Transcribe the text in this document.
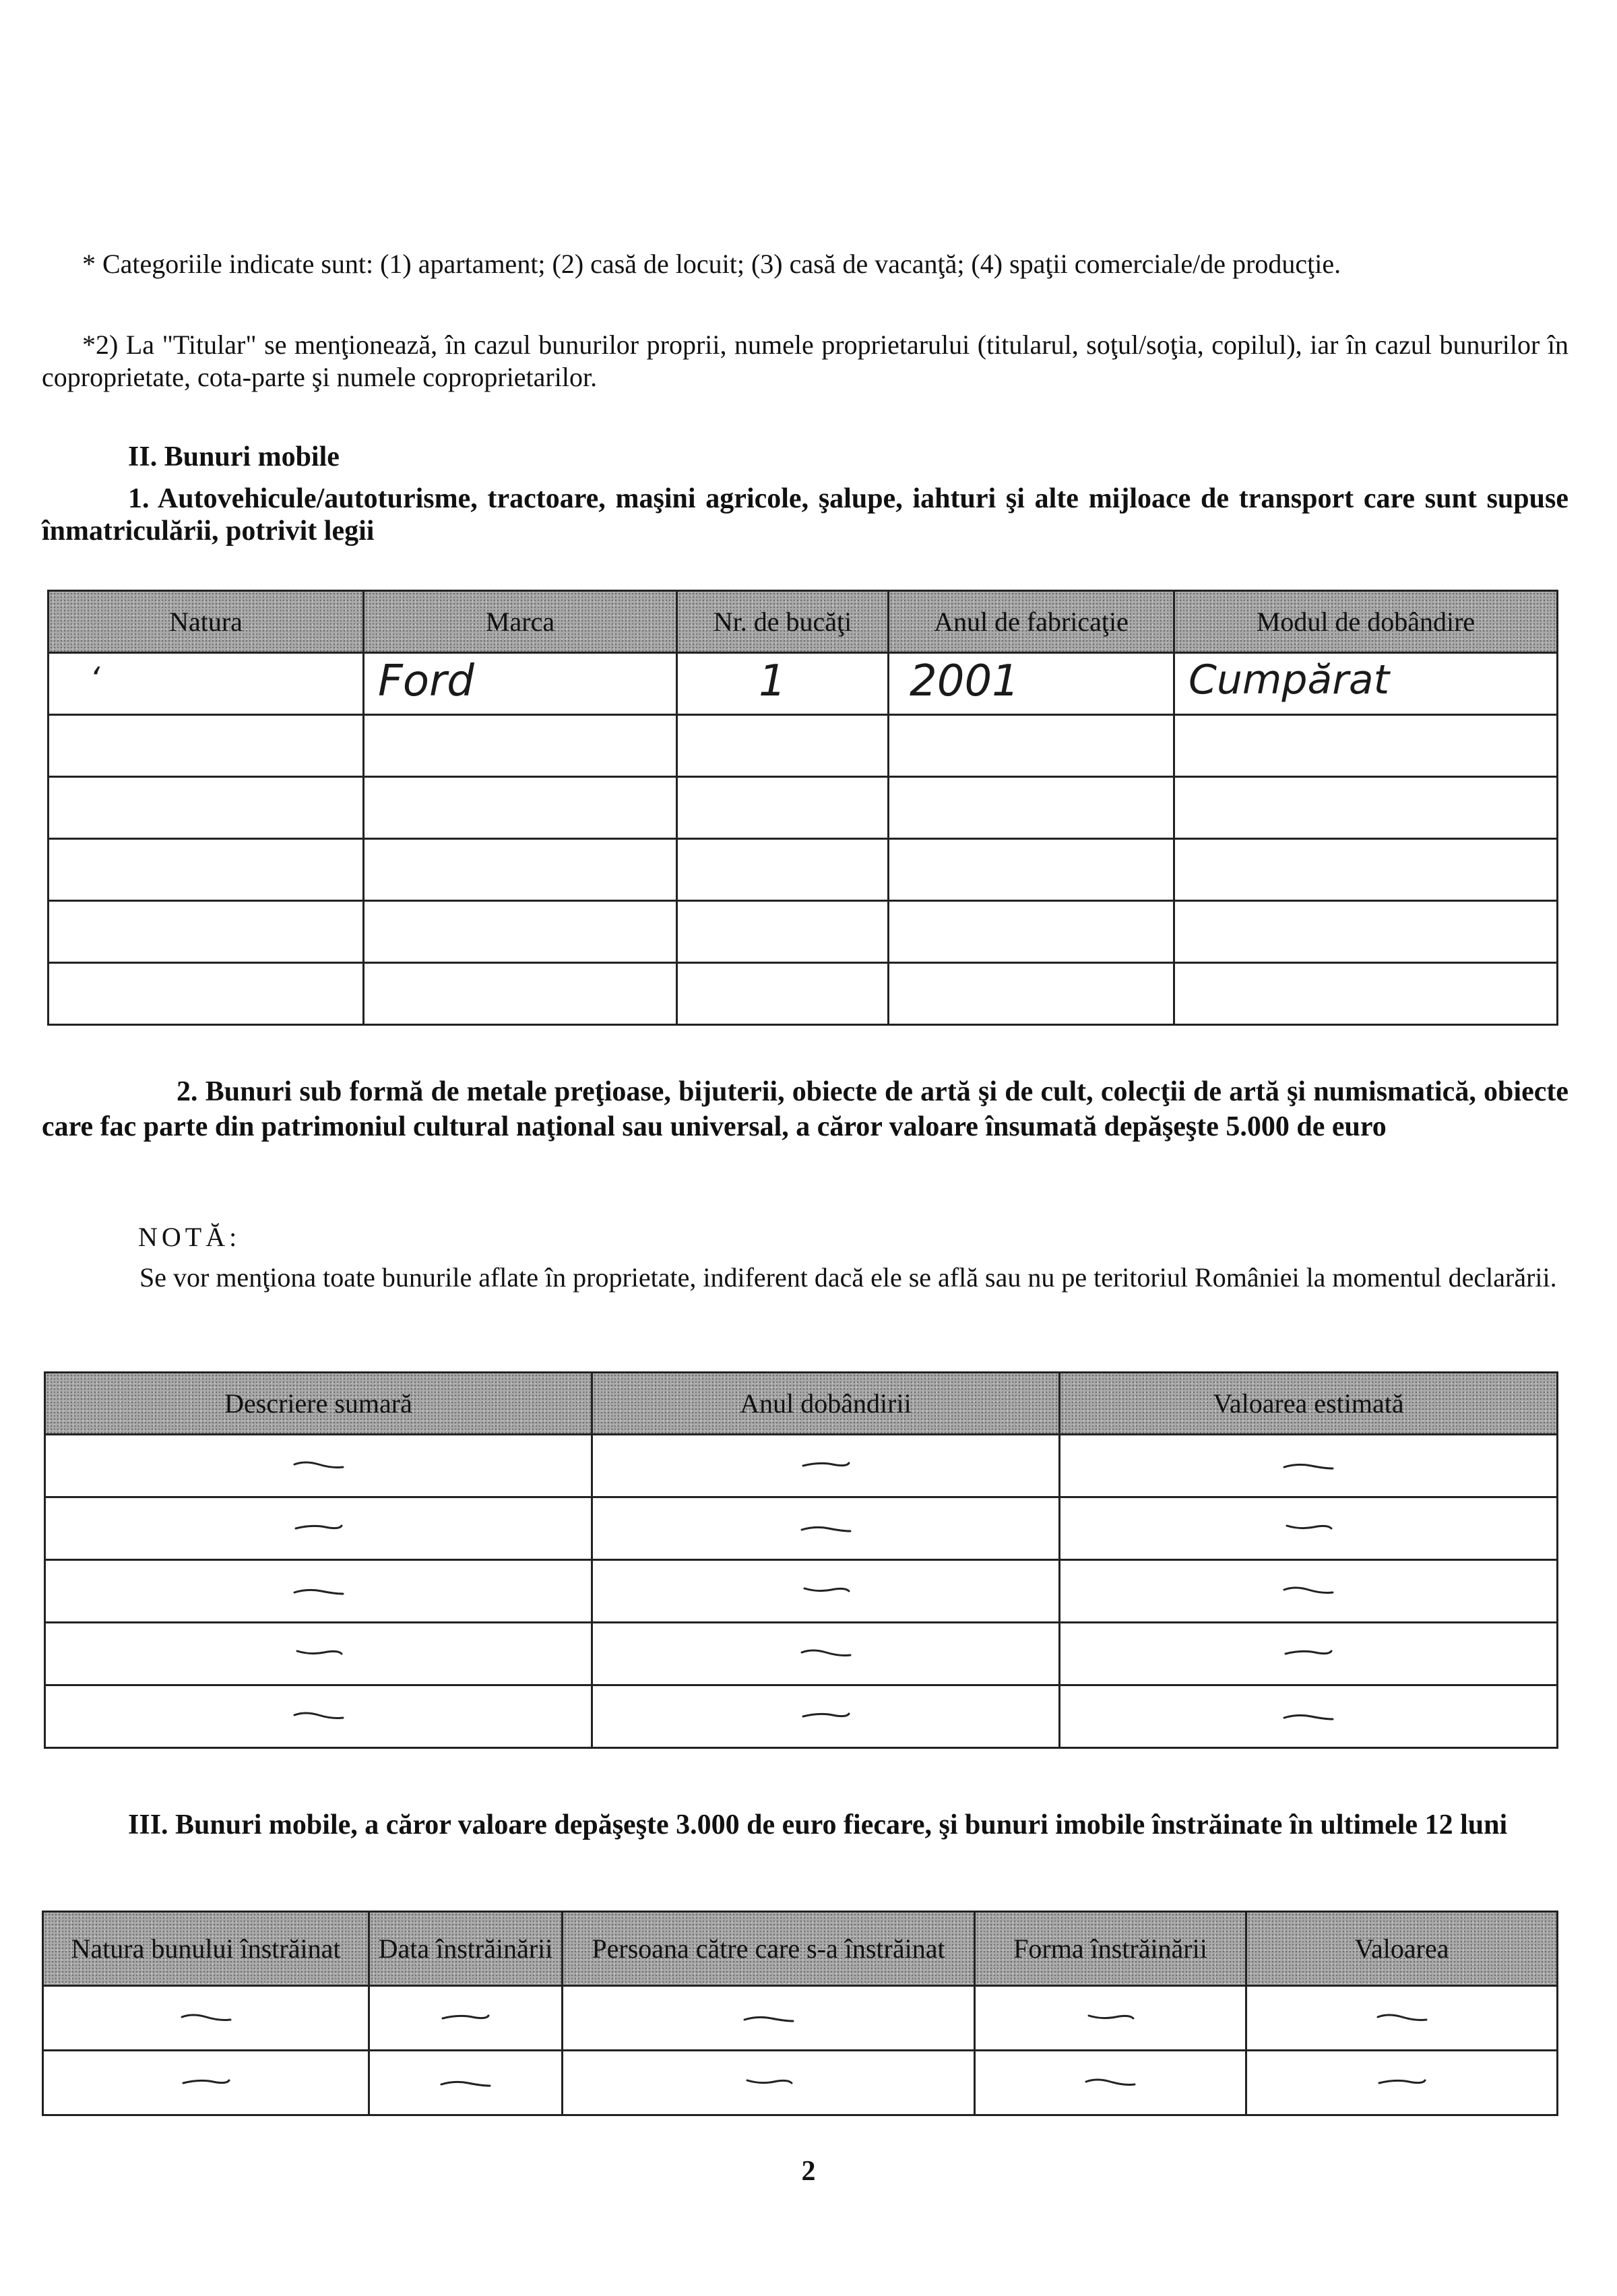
* Categoriile indicate sunt: (1) apartament; (2) casă de locuit; (3) casă de vacanţă; (4) spaţii comerciale/de producţie.
*2) La "Titular" se menţionează, în cazul bunurilor proprii, numele proprietarului (titularul, soţul/soţia, copilul), iar în cazul bunurilor în coproprietate, cota-parte şi numele coproprietarilor.
II. Bunuri mobile
1. Autovehicule/autoturisme, tractoare, maşini agricole, şalupe, iahturi şi alte mijloace de transport care sunt supuse înmatriculării, potrivit legii
Natura	Marca	Nr. de bucăţi	Anul de fabricaţie	Modul de dobândire

ʻ	Ford	1	2001	Cumpărat

2. Bunuri sub formă de metale preţioase, bijuterii, obiecte de artă şi de cult, colecţii de artă şi numismatică, obiecte care fac parte din patrimoniul cultural naţional sau universal, a căror valoare însumată depăşeşte 5.000 de euro
NOTĂ:
Se vor menţiona toate bunurile aflate în proprietate, indiferent dacă ele se află sau nu pe teritoriul României la momentul declarării.
Descriere sumară	Anul dobândirii	Valoarea estimată

III. Bunuri mobile, a căror valoare depăşeşte 3.000 de euro fiecare, şi bunuri imobile înstrăinate în ultimele 12 luni
Natura bunului înstrăinat	Data înstrăinării	Persoana către care s-a înstrăinat	Forma înstrăinării	Valoarea

2
